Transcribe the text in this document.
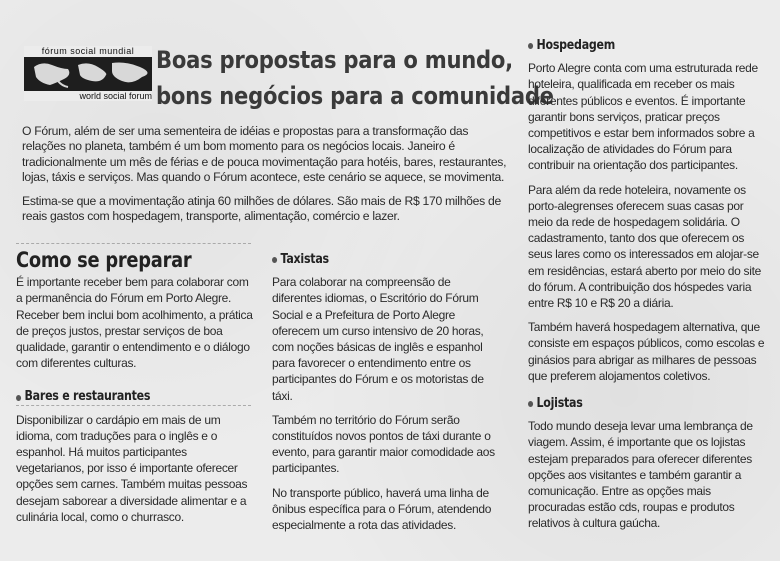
fórum social mundial
world social forum
Boas propostas para o mundo,
bons negócios para a comunidade

O Fórum, além de ser uma sementeira de idéias e propostas para a transformação das relações no planeta, também é um bom momento para os negócios locais. Janeiro é tradicionalmente um mês de férias e de pouca movimentação para hotéis, bares, restaurantes, lojas, táxis e serviços. Mas quando o Fórum acontece, este cenário se aquece, se movimenta.

Estima-se que a movimentação atinja 60 milhões de dólares. São mais de R$ 170 milhões de reais gastos com hospedagem, transporte, alimentação, comércio e lazer.

Como se preparar

É importante receber bem para colaborar com a permanência do Fórum em Porto Alegre. Receber bem inclui bom acolhimento, a prática de preços justos, prestar serviços de boa qualidade, garantir o entendimento e o diálogo com diferentes culturas.

Bares e restaurantes

Disponibilizar o cardápio em mais de um idioma, com traduções para o inglês e o espanhol. Há muitos participantes vegetarianos, por isso é importante oferecer opções sem carnes. Também muitas pessoas desejam saborear a diversidade alimentar e a culinária local, como o churrasco.

Taxistas

Para colaborar na compreensão de diferentes idiomas, o Escritório do Fórum Social e a Prefeitura de Porto Alegre oferecem um curso intensivo de 20 horas, com noções básicas de inglês e espanhol para favorecer o entendimento entre os participantes do Fórum e os motoristas de táxi.

Também no território do Fórum serão constituídos novos pontos de táxi durante o evento, para garantir maior comodidade aos participantes.

No transporte público, haverá uma linha de ônibus específica para o Fórum, atendendo especialmente a rota das atividades.

Hospedagem

Porto Alegre conta com uma estruturada rede hoteleira, qualificada em receber os mais diferentes públicos e eventos. É importante garantir bons serviços, praticar preços competitivos e estar bem informados sobre a localização de atividades do Fórum para contribuir na orientação dos participantes.

Para além da rede hoteleira, novamente os porto-alegrenses oferecem suas casas por meio da rede de hospedagem solidária. O cadastramento, tanto dos que oferecem os seus lares como os interessados em alojar-se em residências, estará aberto por meio do site do fórum. A contribuição dos hóspedes varia entre R$ 10 e R$ 20 a diária.

Também haverá hospedagem alternativa, que consiste em espaços públicos, como escolas e ginásios para abrigar as milhares de pessoas que preferem alojamentos coletivos.

Lojistas

Todo mundo deseja levar uma lembrança de viagem. Assim, é importante que os lojistas estejam preparados para oferecer diferentes opções aos visitantes e também garantir a comunicação. Entre as opções mais procuradas estão cds, roupas e produtos relativos à cultura gaúcha.
